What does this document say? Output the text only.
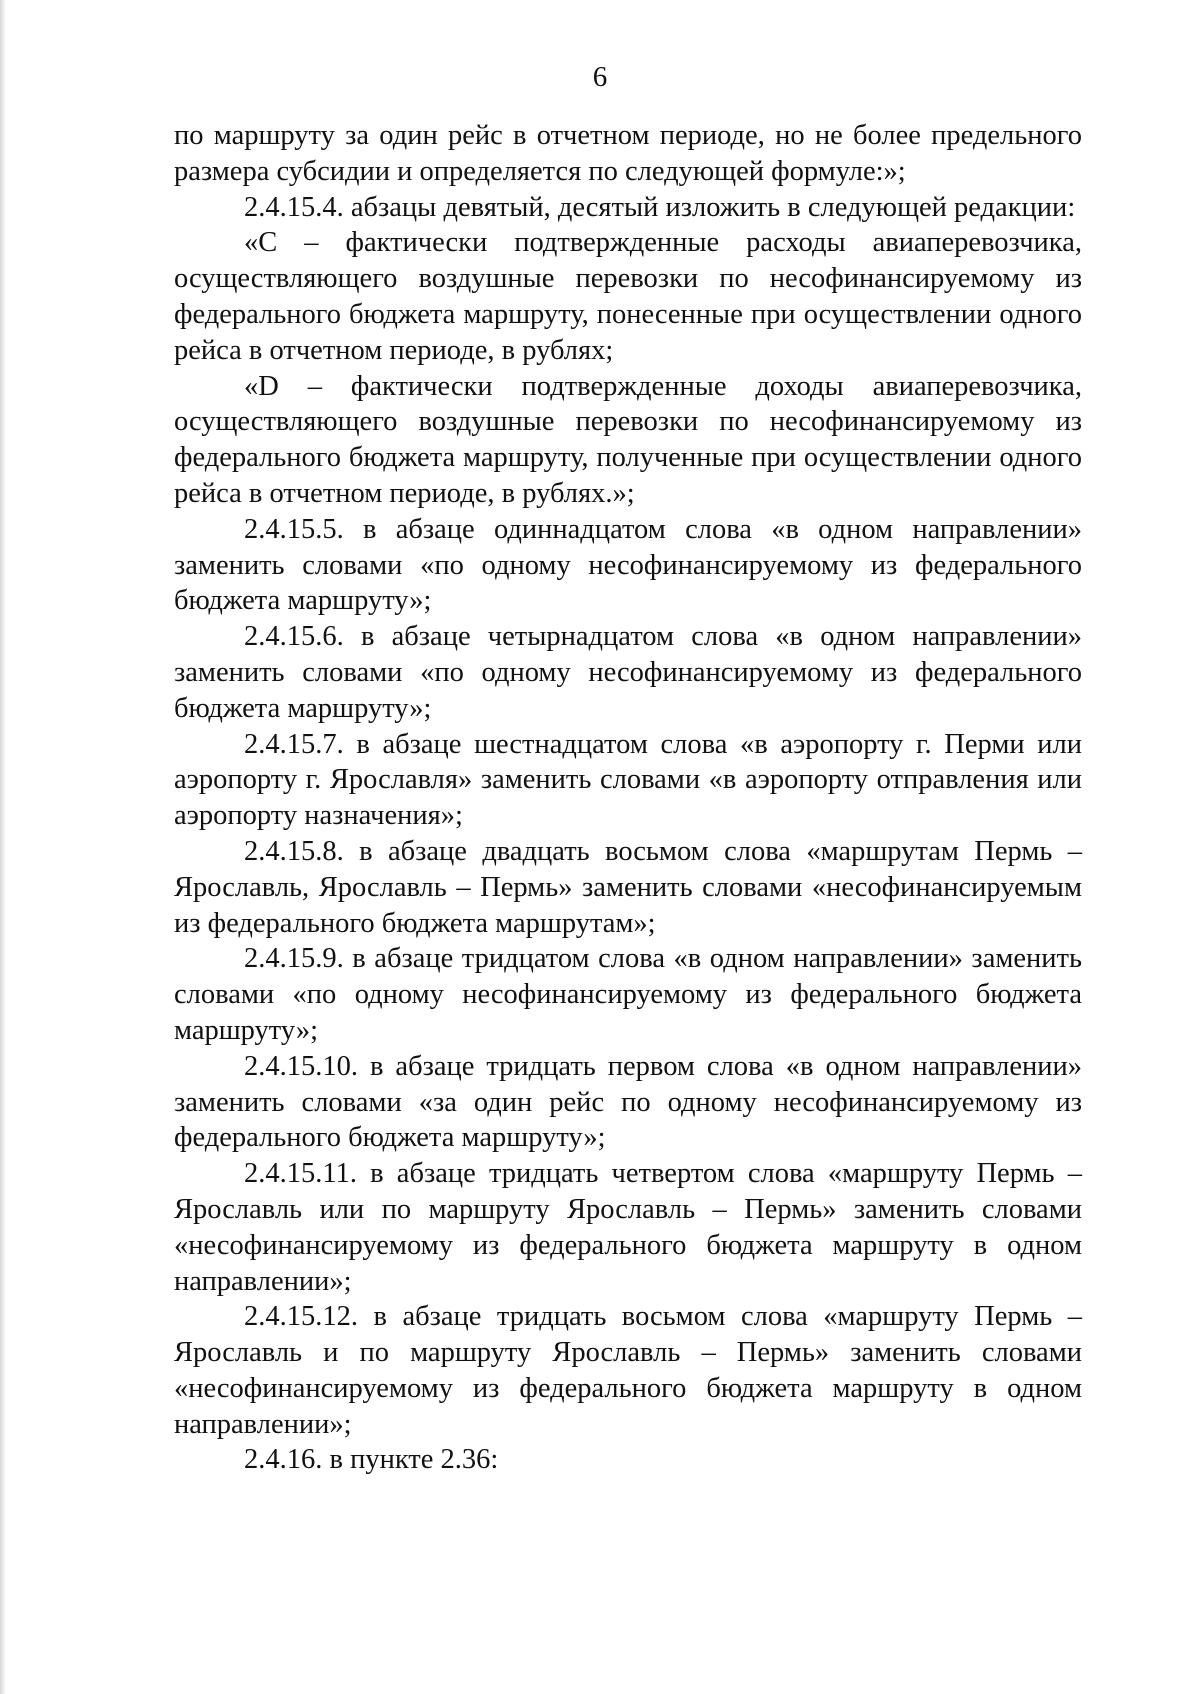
6

по маршруту за один рейс в отчетном периоде, но не более предельного размера субсидии и определяется по следующей формуле:»;

2.4.15.4. абзацы девятый, десятый изложить в следующей редакции:

«С – фактически подтвержденные расходы авиаперевозчика, осуществляющего воздушные перевозки по несофинансируемому из федерального бюджета маршруту, понесенные при осуществлении одного рейса в отчетном периоде, в рублях;

«D – фактически подтвержденные доходы авиаперевозчика, осуществляющего воздушные перевозки по несофинансируемому из федерального бюджета маршруту, полученные при осуществлении одного рейса в отчетном периоде, в рублях.»;

2.4.15.5. в абзаце одиннадцатом слова «в одном направлении» заменить словами «по одному несофинансируемому из федерального бюджета маршруту»;

2.4.15.6. в абзаце четырнадцатом слова «в одном направлении» заменить словами «по одному несофинансируемому из федерального бюджета маршруту»;

2.4.15.7. в абзаце шестнадцатом слова «в аэропорту г. Перми или аэропорту г. Ярославля» заменить словами «в аэропорту отправления или аэропорту назначения»;

2.4.15.8. в абзаце двадцать восьмом слова «маршрутам Пермь – Ярославль, Ярославль – Пермь» заменить словами «несофинансируемым из федерального бюджета маршрутам»;

2.4.15.9. в абзаце тридцатом слова «в одном направлении» заменить словами «по одному несофинансируемому из федерального бюджета маршруту»;

2.4.15.10. в абзаце тридцать первом слова «в одном направлении» заменить словами «за один рейс по одному несофинансируемому из федерального бюджета маршруту»;

2.4.15.11. в абзаце тридцать четвертом слова «маршруту Пермь – Ярославль или по маршруту Ярославль – Пермь» заменить словами «несофинансируемому из федерального бюджета маршруту в одном направлении»;

2.4.15.12. в абзаце тридцать восьмом слова «маршруту Пермь – Ярославль и по маршруту Ярославль – Пермь» заменить словами «несофинансируемому из федерального бюджета маршруту в одном направлении»;

2.4.16. в пункте 2.36:
